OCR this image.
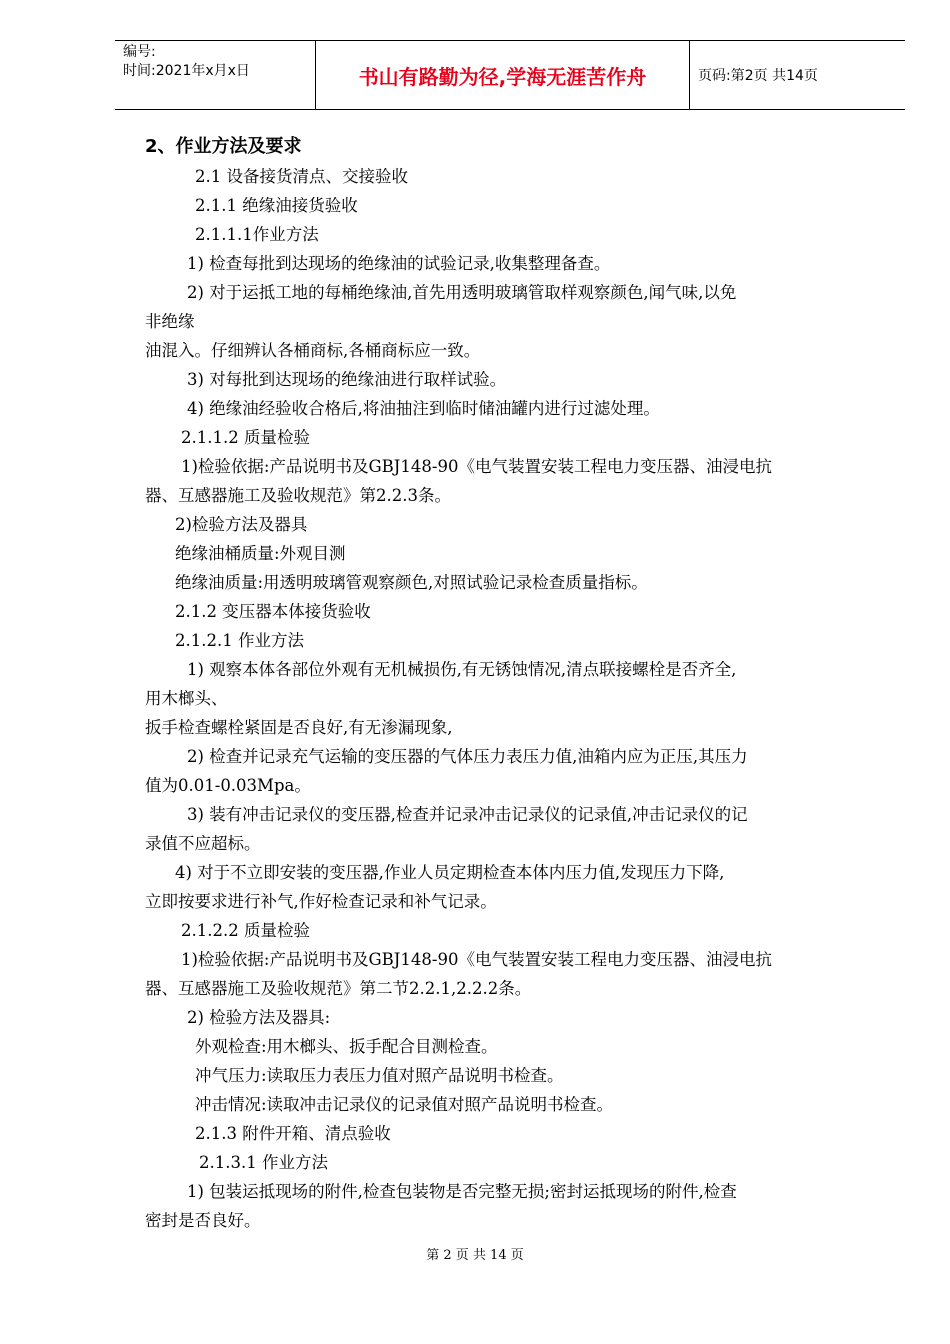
编号:
时间:2021年x月x日	书山有路勤为径,学海无涯苦作舟	页码:第2页 共14页
2、作业方法及要求
2.1 设备接货清点、交接验收
2.1.1 绝缘油接货验收
2.1.1.1作业方法
1) 检查每批到达现场的绝缘油的试验记录,收集整理备查。
2) 对于运抵工地的每桶绝缘油,首先用透明玻璃管取样观察颜色,闻气味,以免
非绝缘
油混入。仔细辨认各桶商标,各桶商标应一致。
3) 对每批到达现场的绝缘油进行取样试验。
4) 绝缘油经验收合格后,将油抽注到临时储油罐内进行过滤处理。
2.1.1.2 质量检验
1)检验依据:产品说明书及GBJ148-90《电气装置安装工程电力变压器、油浸电抗
器、互感器施工及验收规范》第2.2.3条。
2)检验方法及器具
绝缘油桶质量:外观目测
绝缘油质量:用透明玻璃管观察颜色,对照试验记录检查质量指标。
2.1.2 变压器本体接货验收
2.1.2.1 作业方法
1) 观察本体各部位外观有无机械损伤,有无锈蚀情况,清点联接螺栓是否齐全,
用木榔头、
扳手检查螺栓紧固是否良好,有无渗漏现象,
2) 检查并记录充气运输的变压器的气体压力表压力值,油箱内应为正压,其压力
值为0.01-0.03Mpa。
3) 装有冲击记录仪的变压器,检查并记录冲击记录仪的记录值,冲击记录仪的记
录值不应超标。
4) 对于不立即安装的变压器,作业人员定期检查本体内压力值,发现压力下降,
立即按要求进行补气,作好检查记录和补气记录。
2.1.2.2 质量检验
1)检验依据:产品说明书及GBJ148-90《电气装置安装工程电力变压器、油浸电抗
器、互感器施工及验收规范》第二节2.2.1,2.2.2条。
2) 检验方法及器具:
外观检查:用木榔头、扳手配合目测检查。
冲气压力:读取压力表压力值对照产品说明书检查。
冲击情况:读取冲击记录仪的记录值对照产品说明书检查。
2.1.3 附件开箱、清点验收
2.1.3.1 作业方法
1) 包装运抵现场的附件,检查包装物是否完整无损;密封运抵现场的附件,检查
密封是否良好。
第 2 页 共 14 页
